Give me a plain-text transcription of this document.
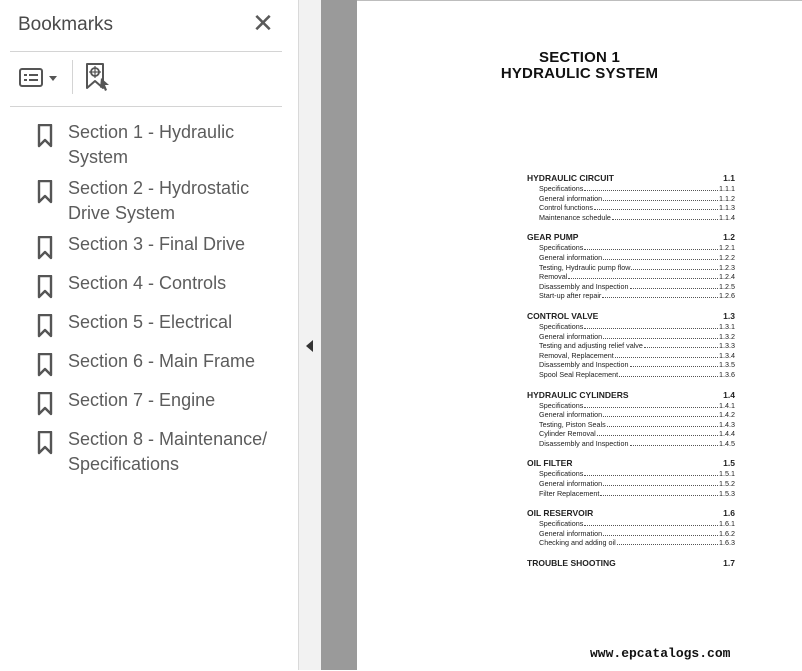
Bookmarks	✕
Section 1 - Hydraulic System
Section 2 - Hydrostatic Drive System
Section 3 - Final Drive
Section 4 - Controls
Section 5 - Electrical
Section 6 - Main Frame
Section 7 - Engine
Section 8 - Maintenance/ Specifications
SECTION 1
HYDRAULIC SYSTEM
HYDRAULIC CIRCUIT	1.1
Specifications	1.1.1
General information	1.1.2
Control functions	1.1.3
Maintenance schedule	1.1.4
GEAR PUMP	1.2
Specifications	1.2.1
General information	1.2.2
Testing, Hydraulic pump flow	1.2.3
Removal	1.2.4
Disassembly and Inspection	1.2.5
Start-up after repair	1.2.6
CONTROL VALVE	1.3
Specifications	1.3.1
General information	1.3.2
Testing and adjusting relief valve	1.3.3
Removal, Replacement	1.3.4
Disassembly and Inspection	1.3.5
Spool Seal Replacement	1.3.6
HYDRAULIC CYLINDERS	1.4
Specifications	1.4.1
General information	1.4.2
Testing, Piston Seals	1.4.3
Cylinder Removal	1.4.4
Disassembly and Inspection	1.4.5
OIL FILTER	1.5
Specifications	1.5.1
General information	1.5.2
Filter Replacement	1.5.3
OIL RESERVOIR	1.6
Specifications	1.6.1
General information	1.6.2
Checking and adding oil	1.6.3
TROUBLE SHOOTING	1.7
www.epcatalogs.com
